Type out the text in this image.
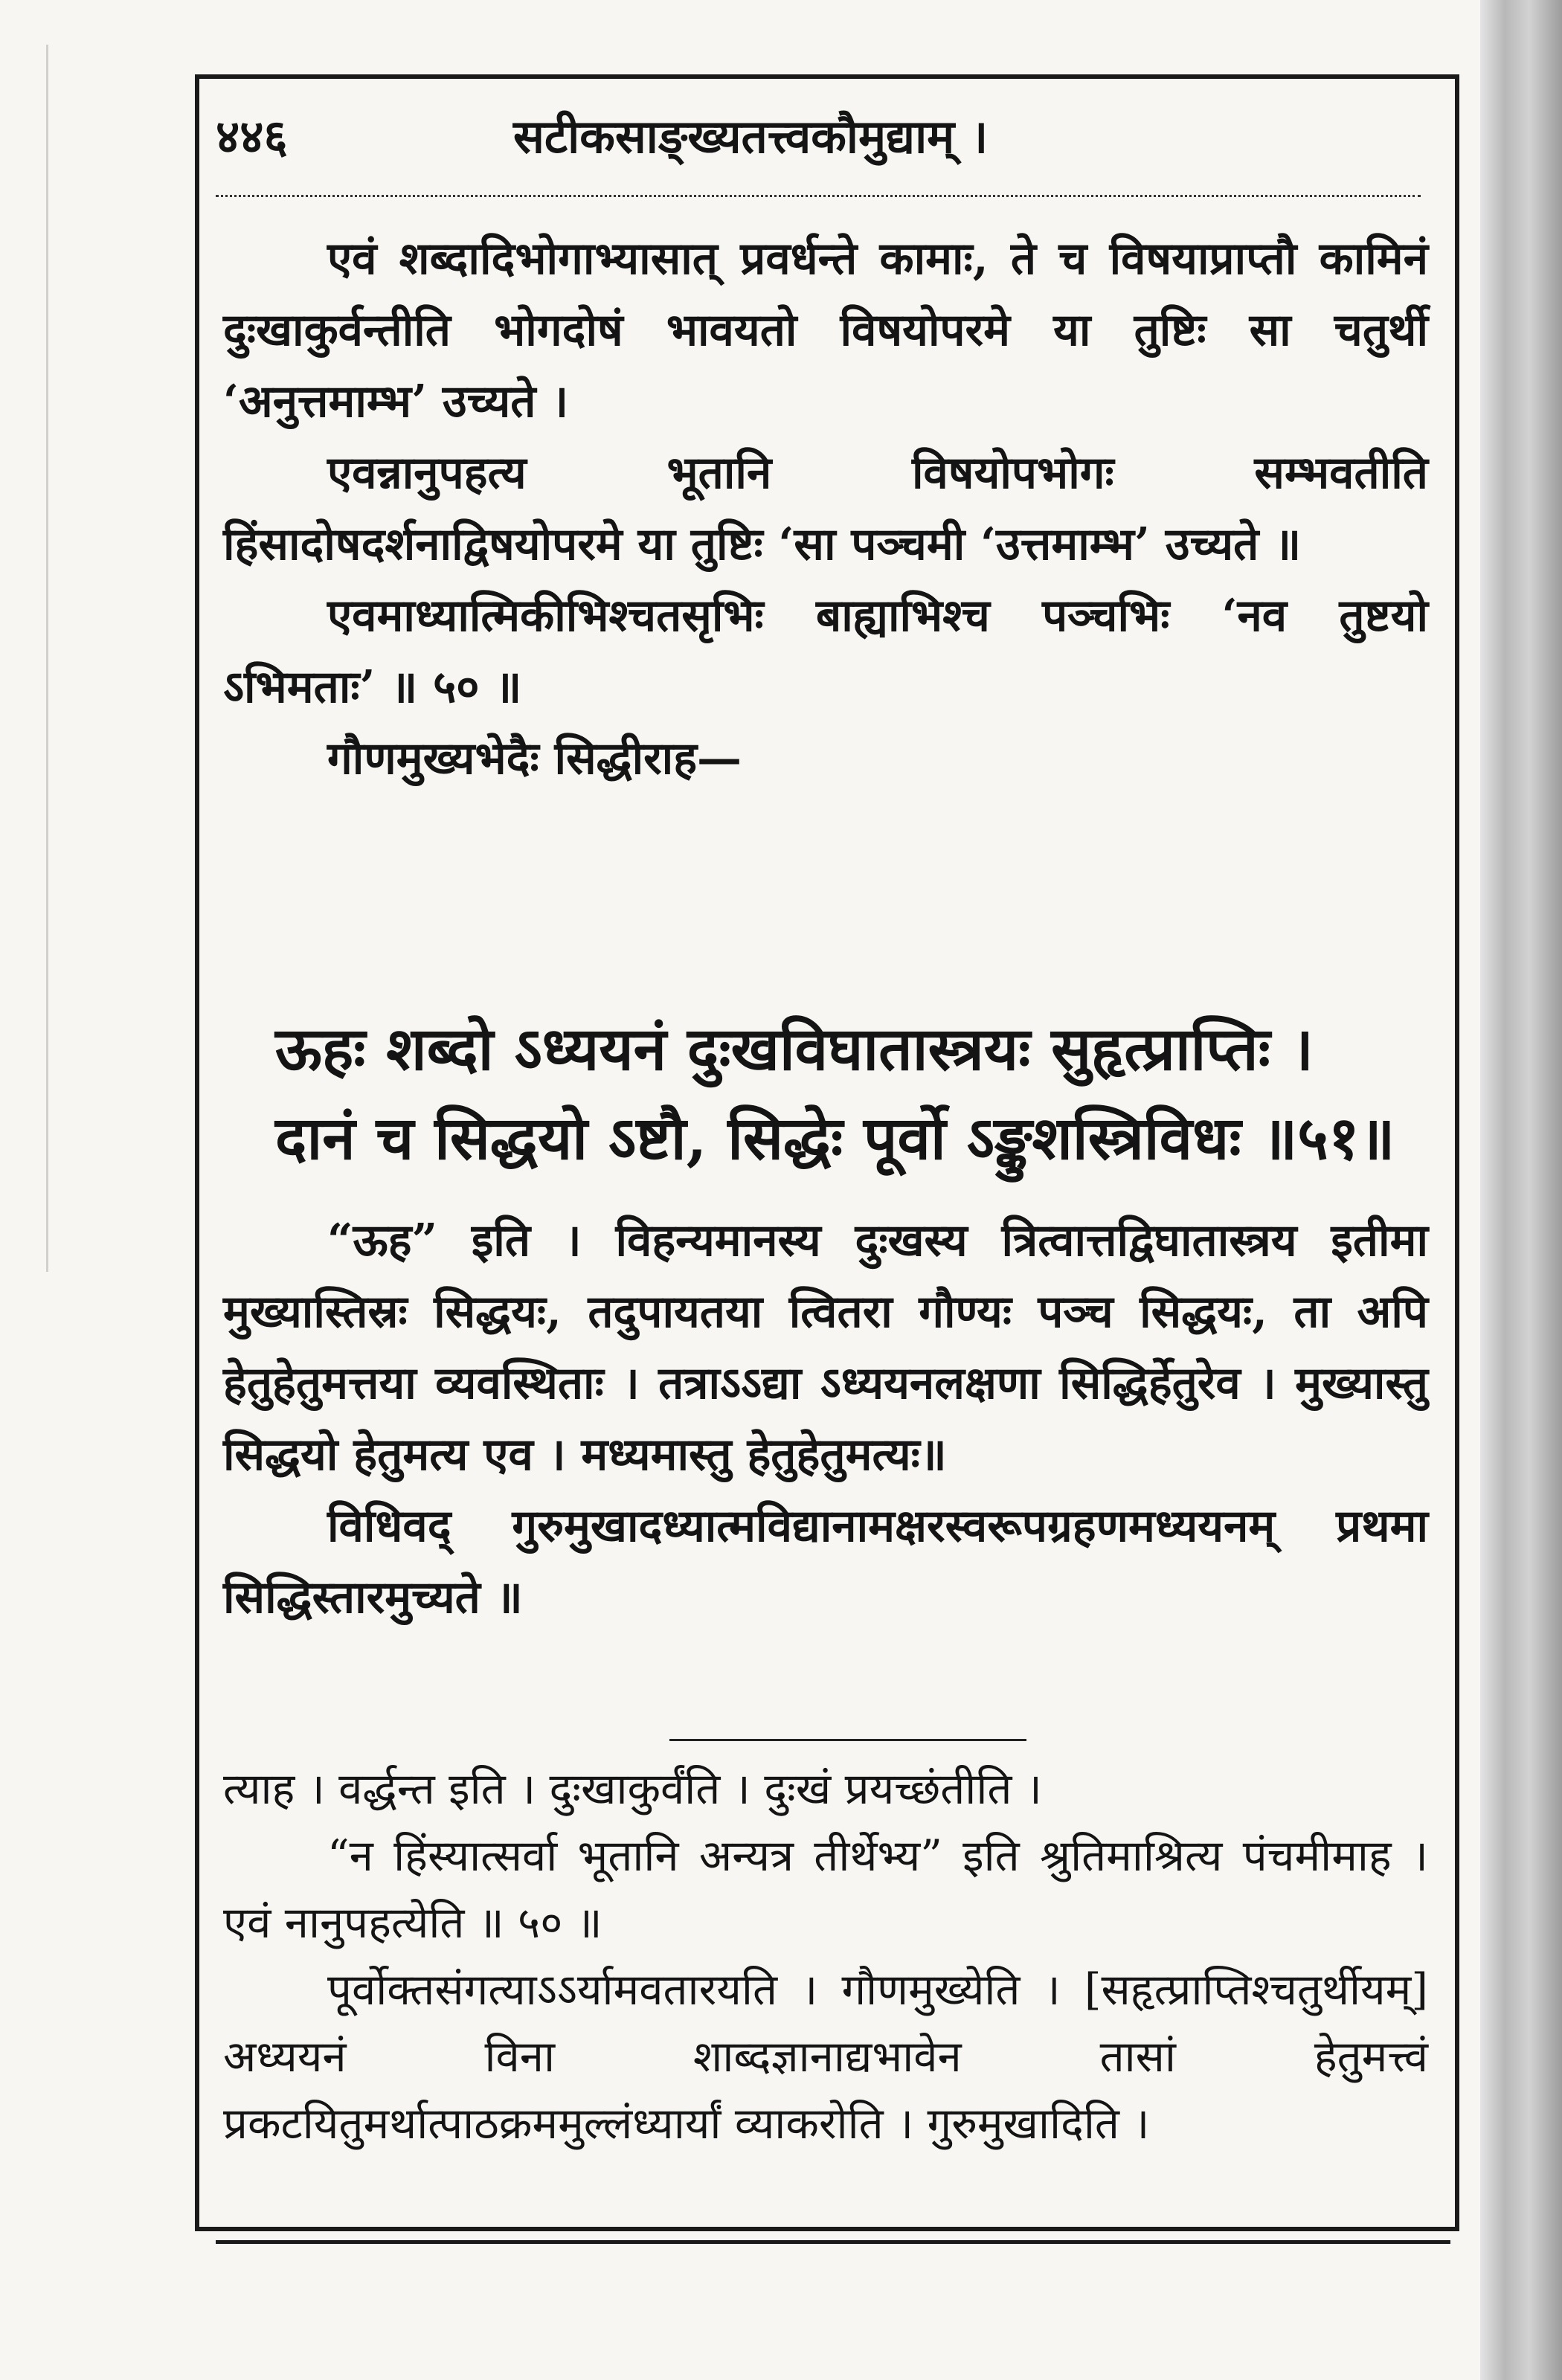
४४६	सटीकसाङ्ख्यतत्त्वकौमुद्याम् ।

एवं शब्दादिभोगाभ्यासात् प्रवर्धन्ते कामाः, ते च विषयाप्राप्तौ कामिनं दुःखाकुर्वन्तीति भोगदोषं भावयतो विषयोपरमे या तुष्टिः सा चतुर्थी ‘अनुत्तमाम्भ’ उच्यते ।

एवन्नानुपहत्य भूतानि विषयोपभोगः सम्भवतीति हिंसादोषदर्शनाद्विषयोपरमे या तुष्टिः ‘सा पञ्चमी ‘उत्तमाम्भ’ उच्यते ॥

एवमाध्यात्मिकीभिश्चतसृभिः बाह्याभिश्च पञ्चभिः ‘नव तुष्टयो ऽभिमताः’ ॥ ५० ॥

गौणमुख्यभेदैः सिद्धीराह—

ऊहः शब्दो ऽध्ययनं दुःखविघातास्त्रयः सुहृत्प्राप्तिः ।
दानं च सिद्धयो ऽष्टौ, सिद्धेः पूर्वो ऽङ्कुशस्त्रिविधः ॥५१॥

“ऊह” इति । विहन्यमानस्य दुःखस्य त्रित्वात्तद्विघातास्त्रय इतीमा मुख्यास्तिस्रः सिद्धयः, तदुपायतया त्वितरा गौण्यः पञ्च सिद्धयः, ता अपि हेतुहेतुमत्तया व्यवस्थिताः । तत्राऽऽद्या ऽध्ययनलक्षणा सिद्धिर्हेतुरेव । मुख्यास्तु सिद्धयो हेतुमत्य एव । मध्यमास्तु हेतुहेतुमत्यः॥

विधिवद् गुरुमुखादध्यात्मविद्यानामक्षरस्वरूपग्रहणमध्ययनम् प्रथमा सिद्धिस्तारमुच्यते ॥

त्याह । वर्द्धन्त इति । दुःखाकुर्वंति । दुःखं प्रयच्छंतीति ।

“न हिंस्यात्सर्वा भूतानि अन्यत्र तीर्थेभ्य” इति श्रुतिमाश्रित्य पंचमीमाह । एवं नानुपहत्येति ॥ ५० ॥

पूर्वोक्तसंगत्याऽऽर्यामवतारयति । गौणमुख्येति । [सहृत्प्राप्तिश्चतुर्थीयम्] अध्ययनं विना शाब्दज्ञानाद्यभावेन तासां हेतुमत्त्वं प्रकटयितुमर्थात्पाठक्रममुल्लंध्यार्यां व्याकरोति । गुरुमुखादिति ।
